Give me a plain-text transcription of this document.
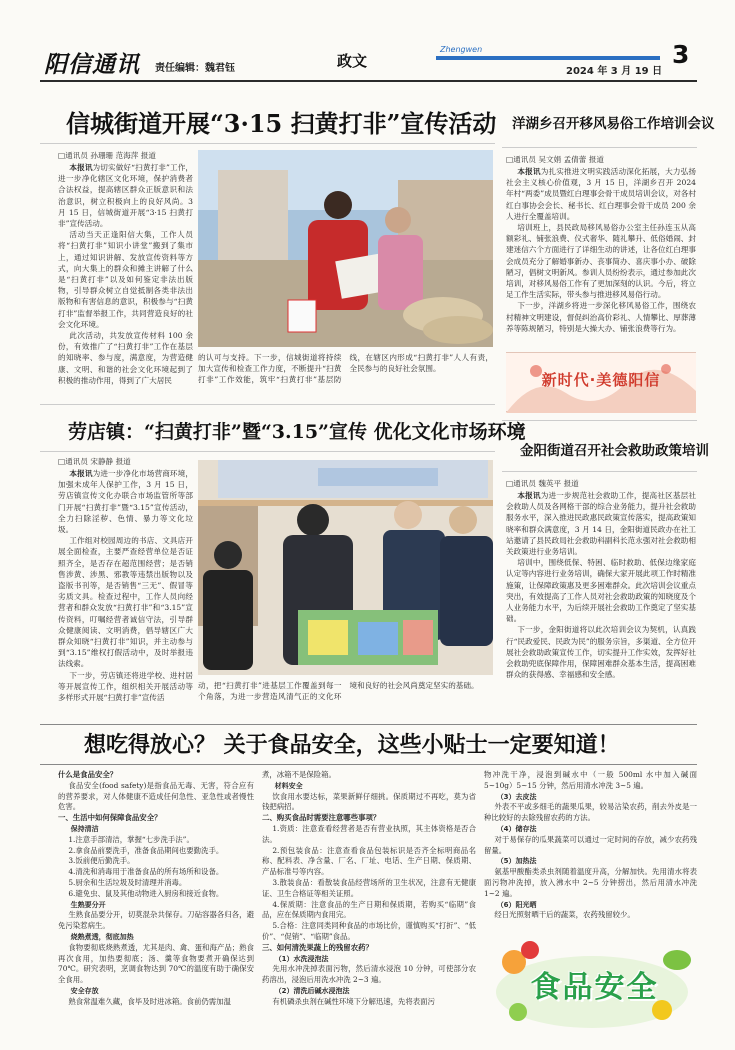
阳信通讯 责任编辑：魏君钰	政文
Zhengwen
2024 年 3 月 19 日
3
信城街道开展“3·15 扫黄打非”宣传活动
□通讯员 孙珊珊 范海萍 报道

本报讯为切实做好“扫黄打非”工作，进一步净化辖区文化环境，保护消费者合法权益，提高辖区群众正版意识和法治意识，树立积极向上的良好风尚。3 月 15 日，信城街道开展“3·15 扫黄打非”宣传活动。

活动当天正逢阳信大集，工作人员将“扫黄打非”知识小讲堂”搬到了集市上，通过知识讲解、发放宣传资料等方式，向大集上的群众和摊主讲解了什么是“扫黄打非”以及如何鉴定非法出版物，引导群众树立自觉抵制各类非法出版物和有害信息的意识，积极参与“扫黄打非”监督举报工作，共同营造良好的社会文化环境。

此次活动，共发放宣传材料 100 余份，有效推广了“扫黄打非”工作在基层的知晓率、参与度，满意度，为营造健康、文明、和谐的社会文化环境起到了积极的推动作用，得到了广大居民

的认可与支持。下一步，信城街道将持续加大宣传和检查工作力度，不断提升“扫黄打非”工作效能，筑牢“扫黄打非”基层防线，在辖区内形成“扫黄打非”人人有责，全民参与的良好社会氛围。

劳店镇：“扫黄打非”暨“3.15”宣传 优化文化市场环境
□通讯员 宋静静 报道

本报讯为进一步净化市场营商环境，加强未成年人保护工作，3 月 15 日，劳店镇宣传文化办联合市场监管所等部门开展“扫黄打非”暨“3.15”宣传活动，全力扫除淫秽、色情、暴力等文化垃圾。

工作组对校园周边的书店、文具店开展全面检查，主要严查经营单位是否证照齐全，是否存在超范围经营；是否销售涉黄、涉黑、邪教等违禁出版物以及盗版书刊等，是否销售“三无”、假冒等劣质文具。检查过程中，工作人员向经营者和群众发放“扫黄打非”和“3.15”宣传资料，叮嘱经营者诚信守法，引导群众健康阅读、文明消费，倡导辖区广大群众知晓“扫黄打非”知识，并主动参与到“3.15”维权打假活动中，及时举报违法线索。

下一步，劳店镇还将进学校、进村居等开展宣传工作，组织相关开展活动等多样形式开展“扫黄打非”宣传活

动，把“扫黄打非”进基层工作覆盖到每一个角落，为进一步营造风清气正的文化环境和良好的社会风尚奠定坚实的基础。

洋湖乡召开移风易俗工作培训会议
□通讯员 吴文娟 孟倩蕾 报道

本报讯为扎实推进文明实践活动深化拓展，大力弘扬社会主义核心价值观，3 月 15 日，洋湖乡召开 2024 年村“两委”成员暨红白理事会骨干成员培训会议，对各村红白事协会会长、秘书长、红白理事会骨干成员 200 余人进行全覆盖培训。

培训班上，县民政局移风易俗办公室主任孙连玉从高额彩礼、铺张浪费、仪式奢华、随礼攀升、低俗婚闹、封建迷信六个方面进行了详细生动的讲述，让各位红白理事会成员充分了解婚事新办、丧事简办、喜庆事小办、破除陋习，倡树文明新风。参训人员纷纷表示，通过参加此次培训，对移风易俗工作有了更加深刻的认识。今后，将立足工作生活实际，带头参与推进移风易俗行动。

下一步，洋湖乡将进一步深化移风易俗工作，围绕农村精神文明建设，督促纠治高价彩礼、人情攀比、厚葬薄养等陈规陋习，特别是大操大办、铺张浪费等行为。

新时代·美德阳信
金阳街道召开社会救助政策培训
□通讯员 魏英平 报道

本报讯为进一步规范社会救助工作，提高社区基层社会救助人员及各网格干部的综合业务能力，提升社会救助服务水平，深入推进民政惠民政策宣传落实，提高政策知晓率和群众满意度，3 月 14 日，金阳街道民政办在社工站邀请了县民政局社会救助科副科长范永强对社会救助相关政策进行业务培训。

培训中，围绕低保、特困、临时救助、低保边缘家庭认定等内容进行业务培训，确保大家开展此项工作时精准施策，让保障政策惠及更多困难群众。此次培训会议重点突出，有效提高了工作人员对社会救助政策的知晓度及个人业务能力水平，为后续开展社会救助工作奠定了坚实基础。

下一步，金阳街道将以此次培训会议为契机，认真践行“民政爱民、民政为民”的服务宗旨，多渠道、全方位开展社会救助政策宣传工作，切实提升工作实效，发挥好社会救助兜底保障作用，保障困难群众基本生活，提高困难群众的获得感、幸福感和安全感。

想吃得放心？ 关于食品安全，这些小贴士一定要知道！

什么是食品安全？

食品安全(food safety)是指食品无毒、无害，符合应有的营养要求，对人体健康不造成任何急性、亚急性或者慢性危害。

一、生活中如何保障食品安全？

保持清洁

1.注意手部清洁，掌握“七步洗手法”。

2.拿食品前要洗手，准备食品期间也要勤洗手。

3.饭前便后勤洗手。

4.清洗和消毒用于准备食品的所有场所和设备。

5.厨余和生活垃圾及时清理并消毒。

6.避免虫、鼠及其他动物进入厨房和接近食物。

生熟要分开

生熟食品要分开，切莫混杂共保存。刀砧容器各归各，避免污染惹病生。

烧熟煮透，彻底加热

食物要彻底烧熟煮透，尤其是肉、禽、蛋和海产品；熟食再次食用，加热要彻底；汤、羹等食物要煮开确保达到70℃。研究表明，烹调食物达到 70℃的温度有助于确保安全食用。

安全存放

熟食常温难久藏，食毕及时进冰箱。食前仍需加温

煮，冰箱不是保险箱。

材料安全

饮食用水要达标，菜果新鲜仔细挑。保质期过不再吃，莫为省钱把病招。

二、购买食品时需要注意哪些事项？

1.资质：注意查看经营者是否有营业执照，其主体资格是否合法。

2.预包装食品：注意查看食品包装标识是否齐全标明商品名称、配料表、净含量、厂名、厂址、电话、生产日期、保质期、产品标准号等内容。

3.散装食品：看散装食品经营场所的卫生状况，注意有无健康证、卫生合格证等相关证照。

4.保质期：注意食品的生产日期和保质期，若购买“临期”食品，应在保质期内食用完。

5.合格：注意同类同种食品的市场比价，谨慎购买“打折”、“低价”、“促销”、“临期”食品。

三、如何清洗果蔬上的残留农药？

（1）水洗浸泡法

先用水冲洗掉表面污物，然后清水浸泡 10 分钟，可使部分农药溶出，浸泡后用洗水冲洗 2~3 遍。

（2）清洗后碱水浸泡法

有机磷杀虫剂在碱性环境下分解迅速，先将表面污

物冲洗干净，浸泡到碱水中（一般 500ml 水中加入碱面 5~10g）5~15 分钟，然后用清水冲洗 3~5 遍。

（3）去皮法

外表不平或多细毛的蔬果瓜果，较易沾染农药，削去外皮是一种比较好的去除残留农药的方法。

（4）储存法

对于易保存的瓜果蔬菜可以通过一定时间的存放，减少农药残留量。

（5）加热法

氨基甲酸酯类杀虫剂随着温度升高，分解加快。先用清水将表面污物冲洗掉，放入沸水中 2~5 分钟捞出，然后用清水冲洗 1~2 遍。

（6）阳光晒

经日光照射晒干后的蔬菜，农药残留较少。

食品安全
